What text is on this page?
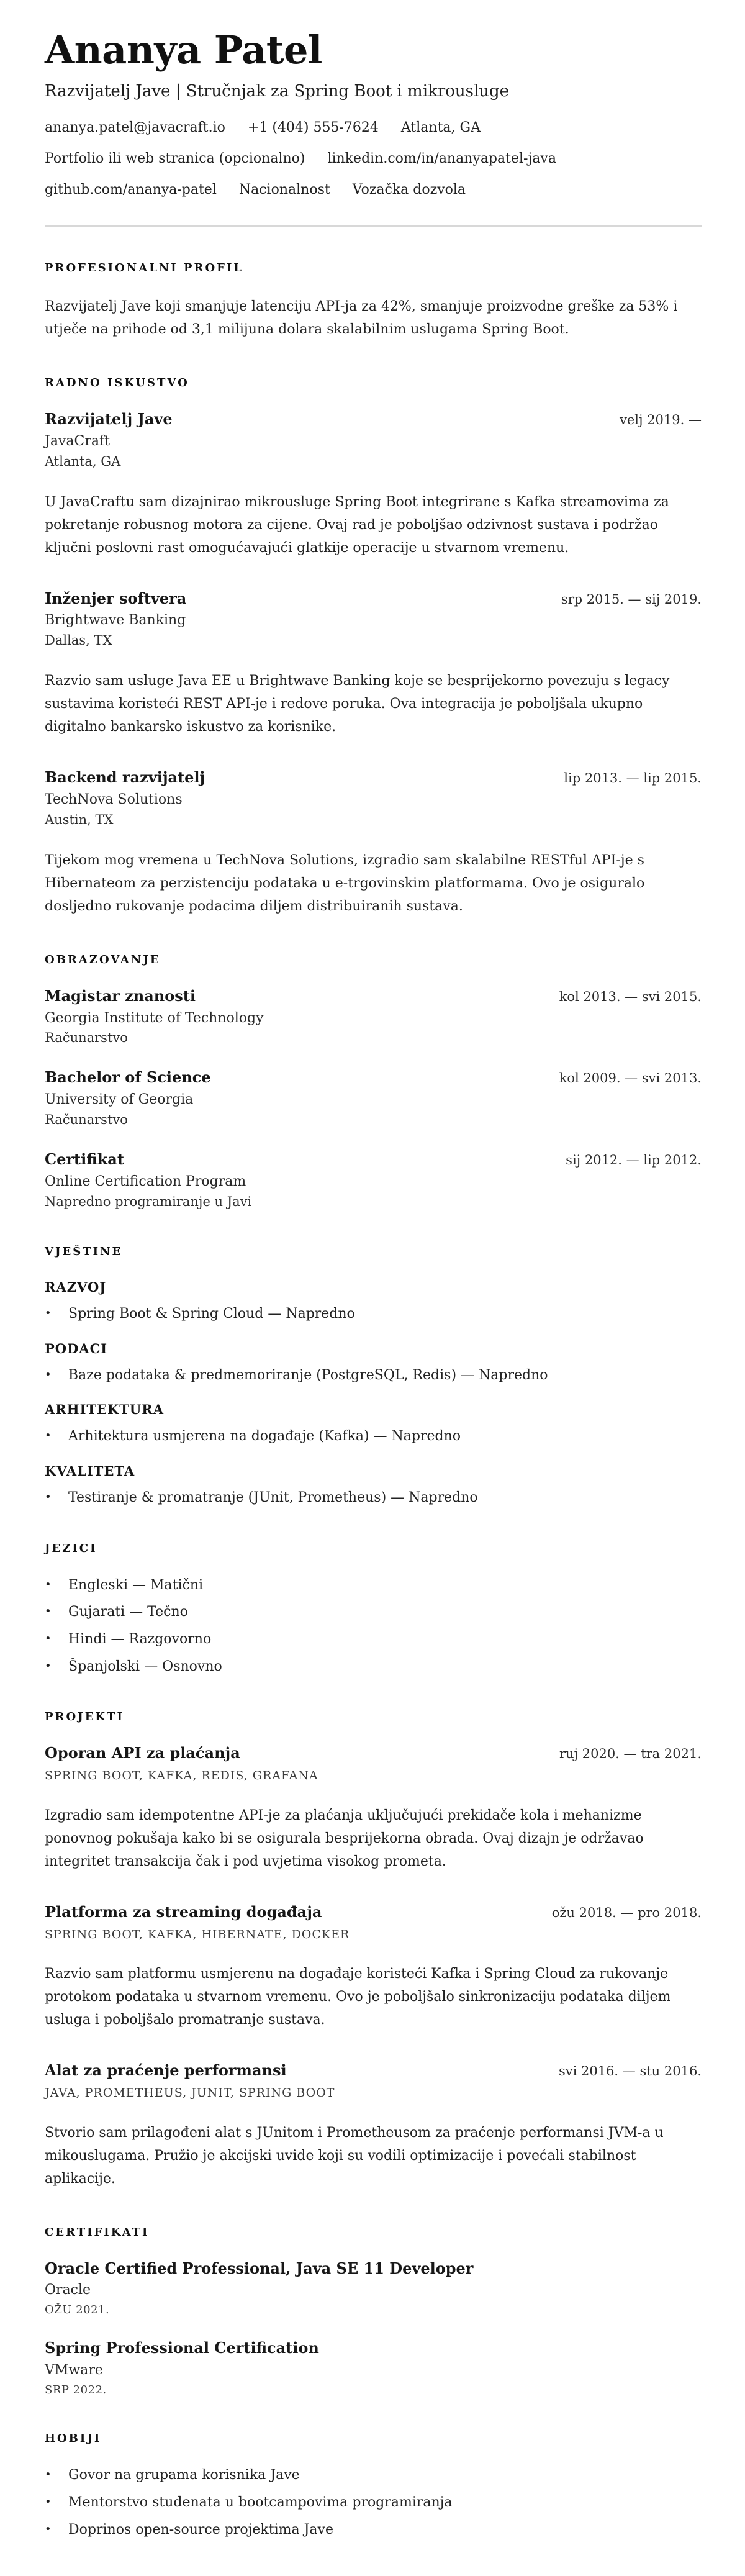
Ananya Patel
Razvijatelj Jave | Stručnjak za Spring Boot i mikrousluge
ananya.patel@javacraft.io +1 (404) 555-7624 Atlanta, GA
Portfolio ili web stranica (opcionalno) linkedin.com/in/ananyapatel-java
github.com/ananya-patel Nacionalnost Vozačka dozvola
PROFESIONALNI PROFIL

Razvijatelj Jave koji smanjuje latenciju API-ja za 42%, smanjuje proizvodne greške za 53% i utječe na prihode od 3,1 milijuna dolara skalabilnim uslugama Spring Boot.

RADNO ISKUSTVO
Razvijatelj Jave	velj 2019. —
JavaCraft
Atlanta, GA

U JavaCraftu sam dizajnirao mikrousluge Spring Boot integrirane s Kafka streamovima za pokretanje robusnog motora za cijene. Ovaj rad je poboljšao odzivnost sustava i podržao ključni poslovni rast omogućavajući glatkije operacije u stvarnom vremenu.

Inženjer softvera	srp 2015. — sij 2019.
Brightwave Banking
Dallas, TX

Razvio sam usluge Java EE u Brightwave Banking koje se besprijekorno povezuju s legacy sustavima koristeći REST API-je i redove poruka. Ova integracija je poboljšala ukupno digitalno bankarsko iskustvo za korisnike.

Backend razvijatelj	lip 2013. — lip 2015.
TechNova Solutions
Austin, TX

Tijekom mog vremena u TechNova Solutions, izgradio sam skalabilne RESTful API-je s Hibernateom za perzistenciju podataka u e-trgovinskim platformama. Ovo je osiguralo dosljedno rukovanje podacima diljem distribuiranih sustava.

OBRAZOVANJE
Magistar znanosti	kol 2013. — svi 2015.
Georgia Institute of Technology
Računarstvo
Bachelor of Science	kol 2009. — svi 2013.
University of Georgia
Računarstvo
Certifikat	sij 2012. — lip 2012.
Online Certification Program
Napredno programiranje u Javi
VJEŠTINE
RAZVOJ
•	Spring Boot & Spring Cloud — Napredno
PODACI
•	Baze podataka & predmemoriranje (PostgreSQL, Redis) — Napredno
ARHITEKTURA
•	Arhitektura usmjerena na događaje (Kafka) — Napredno
KVALITETA
•	Testiranje & promatranje (JUnit, Prometheus) — Napredno
JEZICI
•	Engleski — Matični
•	Gujarati — Tečno
•	Hindi — Razgovorno
•	Španjolski — Osnovno
PROJEKTI
Oporan API za plaćanja	ruj 2020. — tra 2021.
SPRING BOOT, KAFKA, REDIS, GRAFANA

Izgradio sam idempotentne API-je za plaćanja uključujući prekidače kola i mehanizme ponovnog pokušaja kako bi se osigurala besprijekorna obrada. Ovaj dizajn je održavao integritet transakcija čak i pod uvjetima visokog prometa.

Platforma za streaming događaja	ožu 2018. — pro 2018.
SPRING BOOT, KAFKA, HIBERNATE, DOCKER

Razvio sam platformu usmjerenu na događaje koristeći Kafka i Spring Cloud za rukovanje protokom podataka u stvarnom vremenu. Ovo je poboljšalo sinkronizaciju podataka diljem usluga i poboljšalo promatranje sustava.

Alat za praćenje performansi	svi 2016. — stu 2016.
JAVA, PROMETHEUS, JUNIT, SPRING BOOT

Stvorio sam prilagođeni alat s JUnitom i Prometheusom za praćenje performansi JVM-a u mikouslugama. Pružio je akcijski uvide koji su vodili optimizacije i povećali stabilnost aplikacije.

CERTIFIKATI
Oracle Certified Professional, Java SE 11 Developer
Oracle
OŽU 2021.
Spring Professional Certification
VMware
SRP 2022.
HOBIJI
•	Govor na grupama korisnika Jave
•	Mentorstvo studenata u bootcampovima programiranja
•	Doprinos open-source projektima Jave
